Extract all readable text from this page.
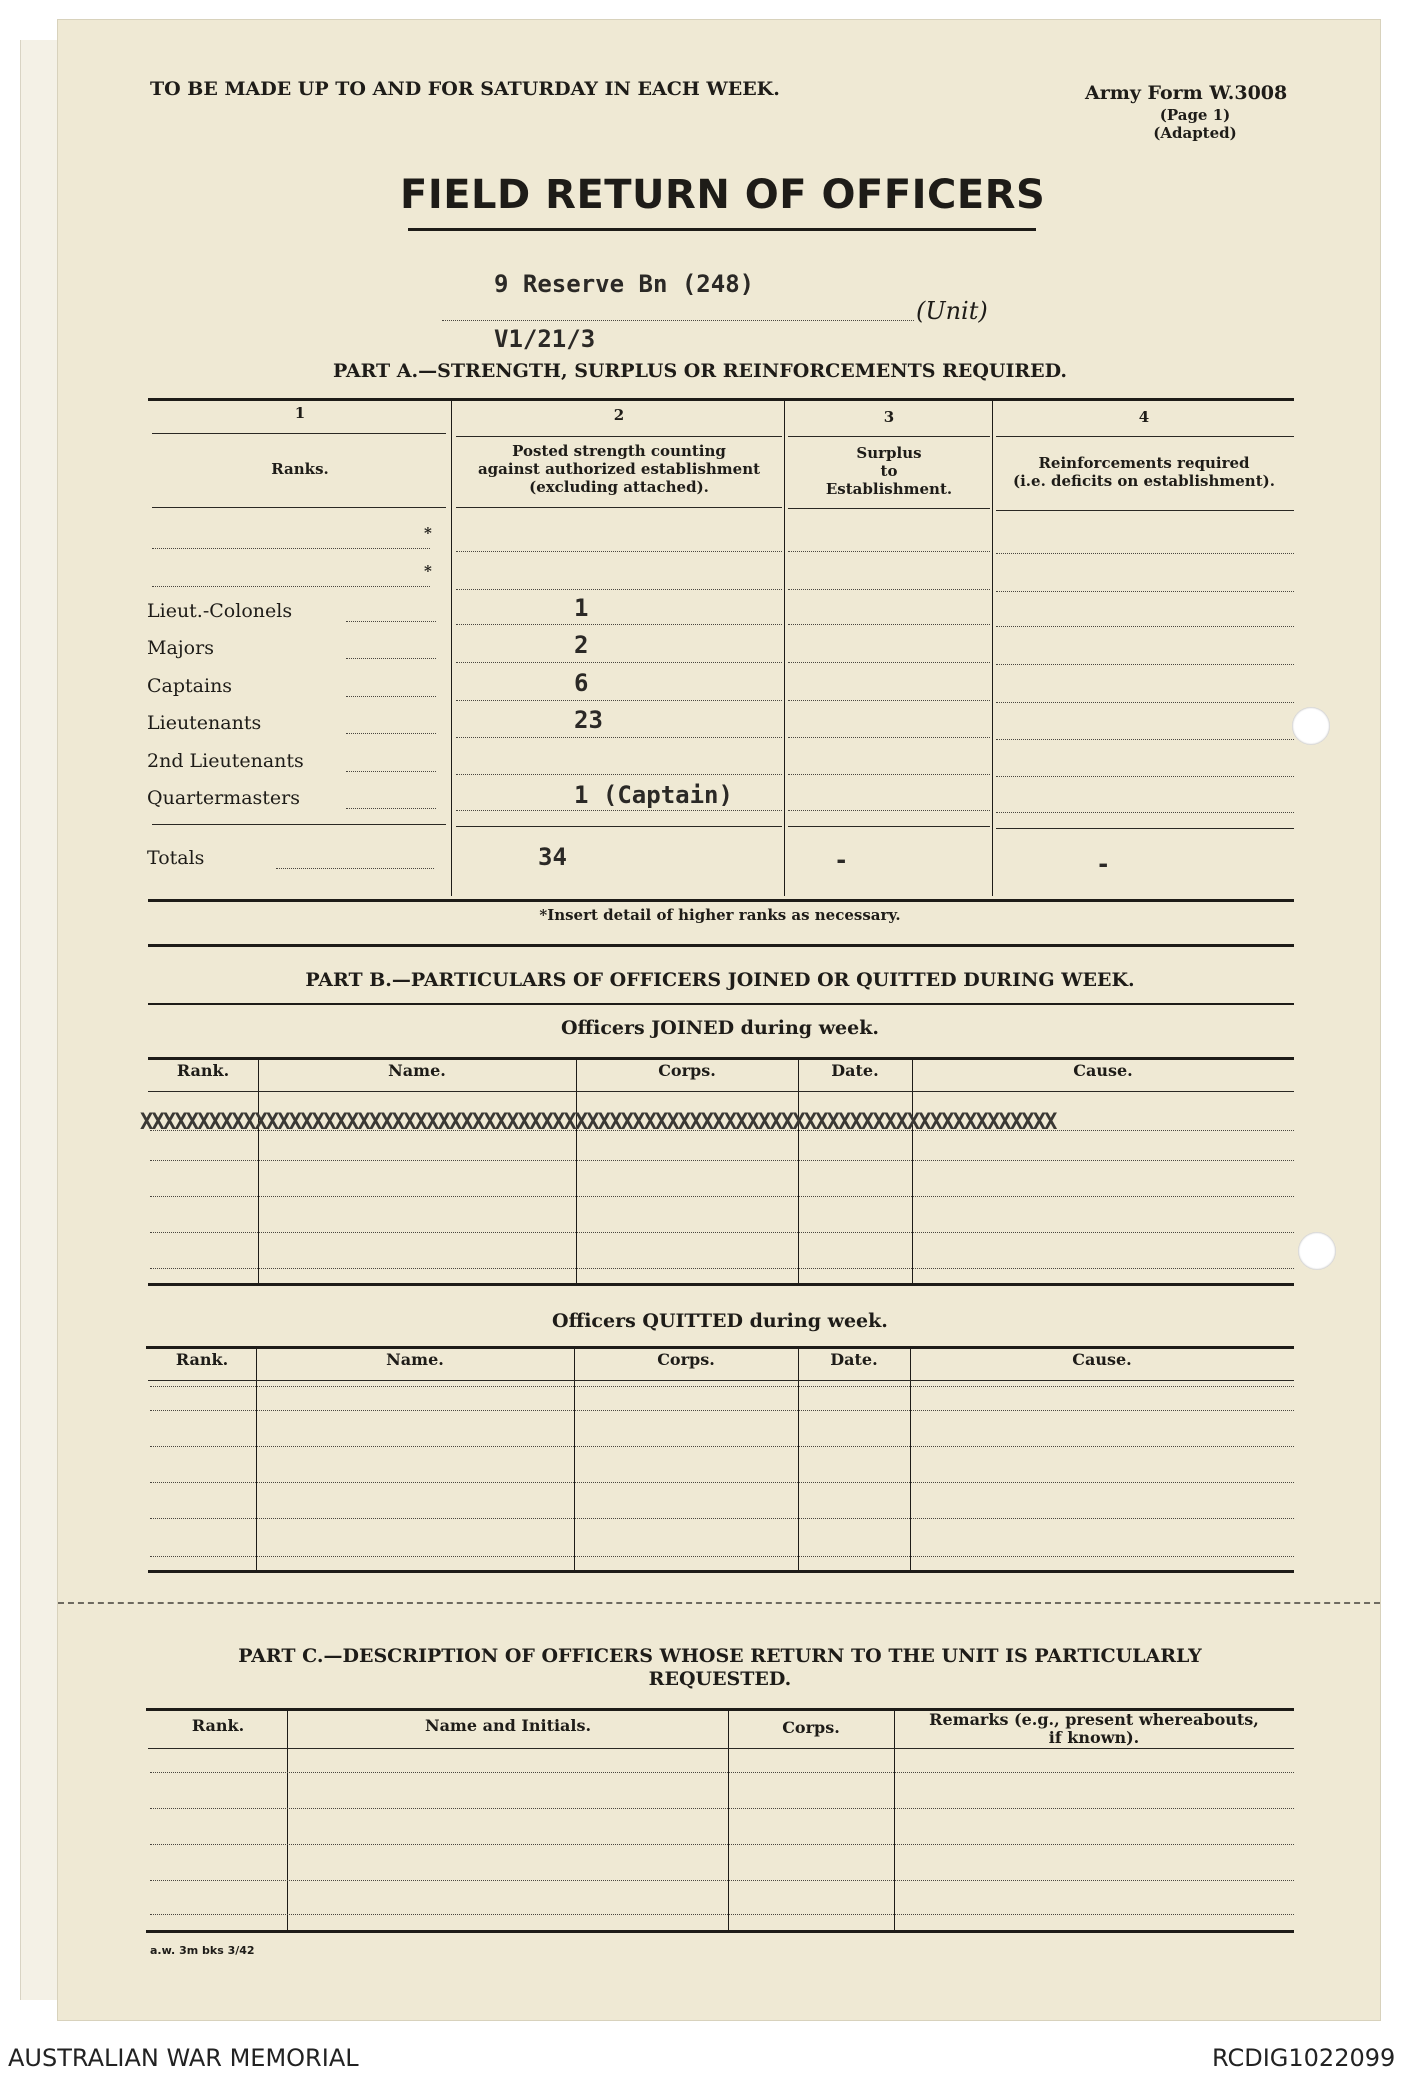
TO BE MADE UP TO AND FOR SATURDAY IN EACH WEEK.	Army Form W.3008
(Page 1)
(Adapted)
FIELD RETURN OF OFFICERS
9 Reserve Bn (248)
(Unit)
V1/21/3
PART A.—STRENGTH, SURPLUS OR REINFORCEMENTS REQUIRED.
1	2	3	4
Ranks.
Posted strength counting
against authorized establishment
(excluding attached).
Surplus
to
Establishment.
Reinforcements required
(i.e. deficits on establishment).
*
*
Lieut.-Colonels	1
Majors	2
Captains	6
Lieutenants	23
2nd Lieutenants
Quartermasters	1 (Captain)
Totals	34	-	-
*Insert detail of higher ranks as necessary.
PART B.—PARTICULARS OF OFFICERS JOINED OR QUITTED DURING WEEK.
Officers JOINED during week.
Rank.	Name.	Corps.	Date.	Cause.
XXXXXXXXXXXXXXXXXXXXXXXXXXXXXXXXXXXXXXXXXXXXXXXXXXXXXXXXXXXXXXXXXXXXXXXXXXXXXXXX
Officers QUITTED during week.
Rank.	Name.	Corps.	Date.	Cause.
PART C.—DESCRIPTION OF OFFICERS WHOSE RETURN TO THE UNIT IS PARTICULARLY
REQUESTED.
Rank.	Name and Initials.	Corps.	Remarks (e.g., present whereabouts,
if known).
a.w. 3m bks 3/42
AUSTRALIAN WAR MEMORIAL	RCDIG1022099
